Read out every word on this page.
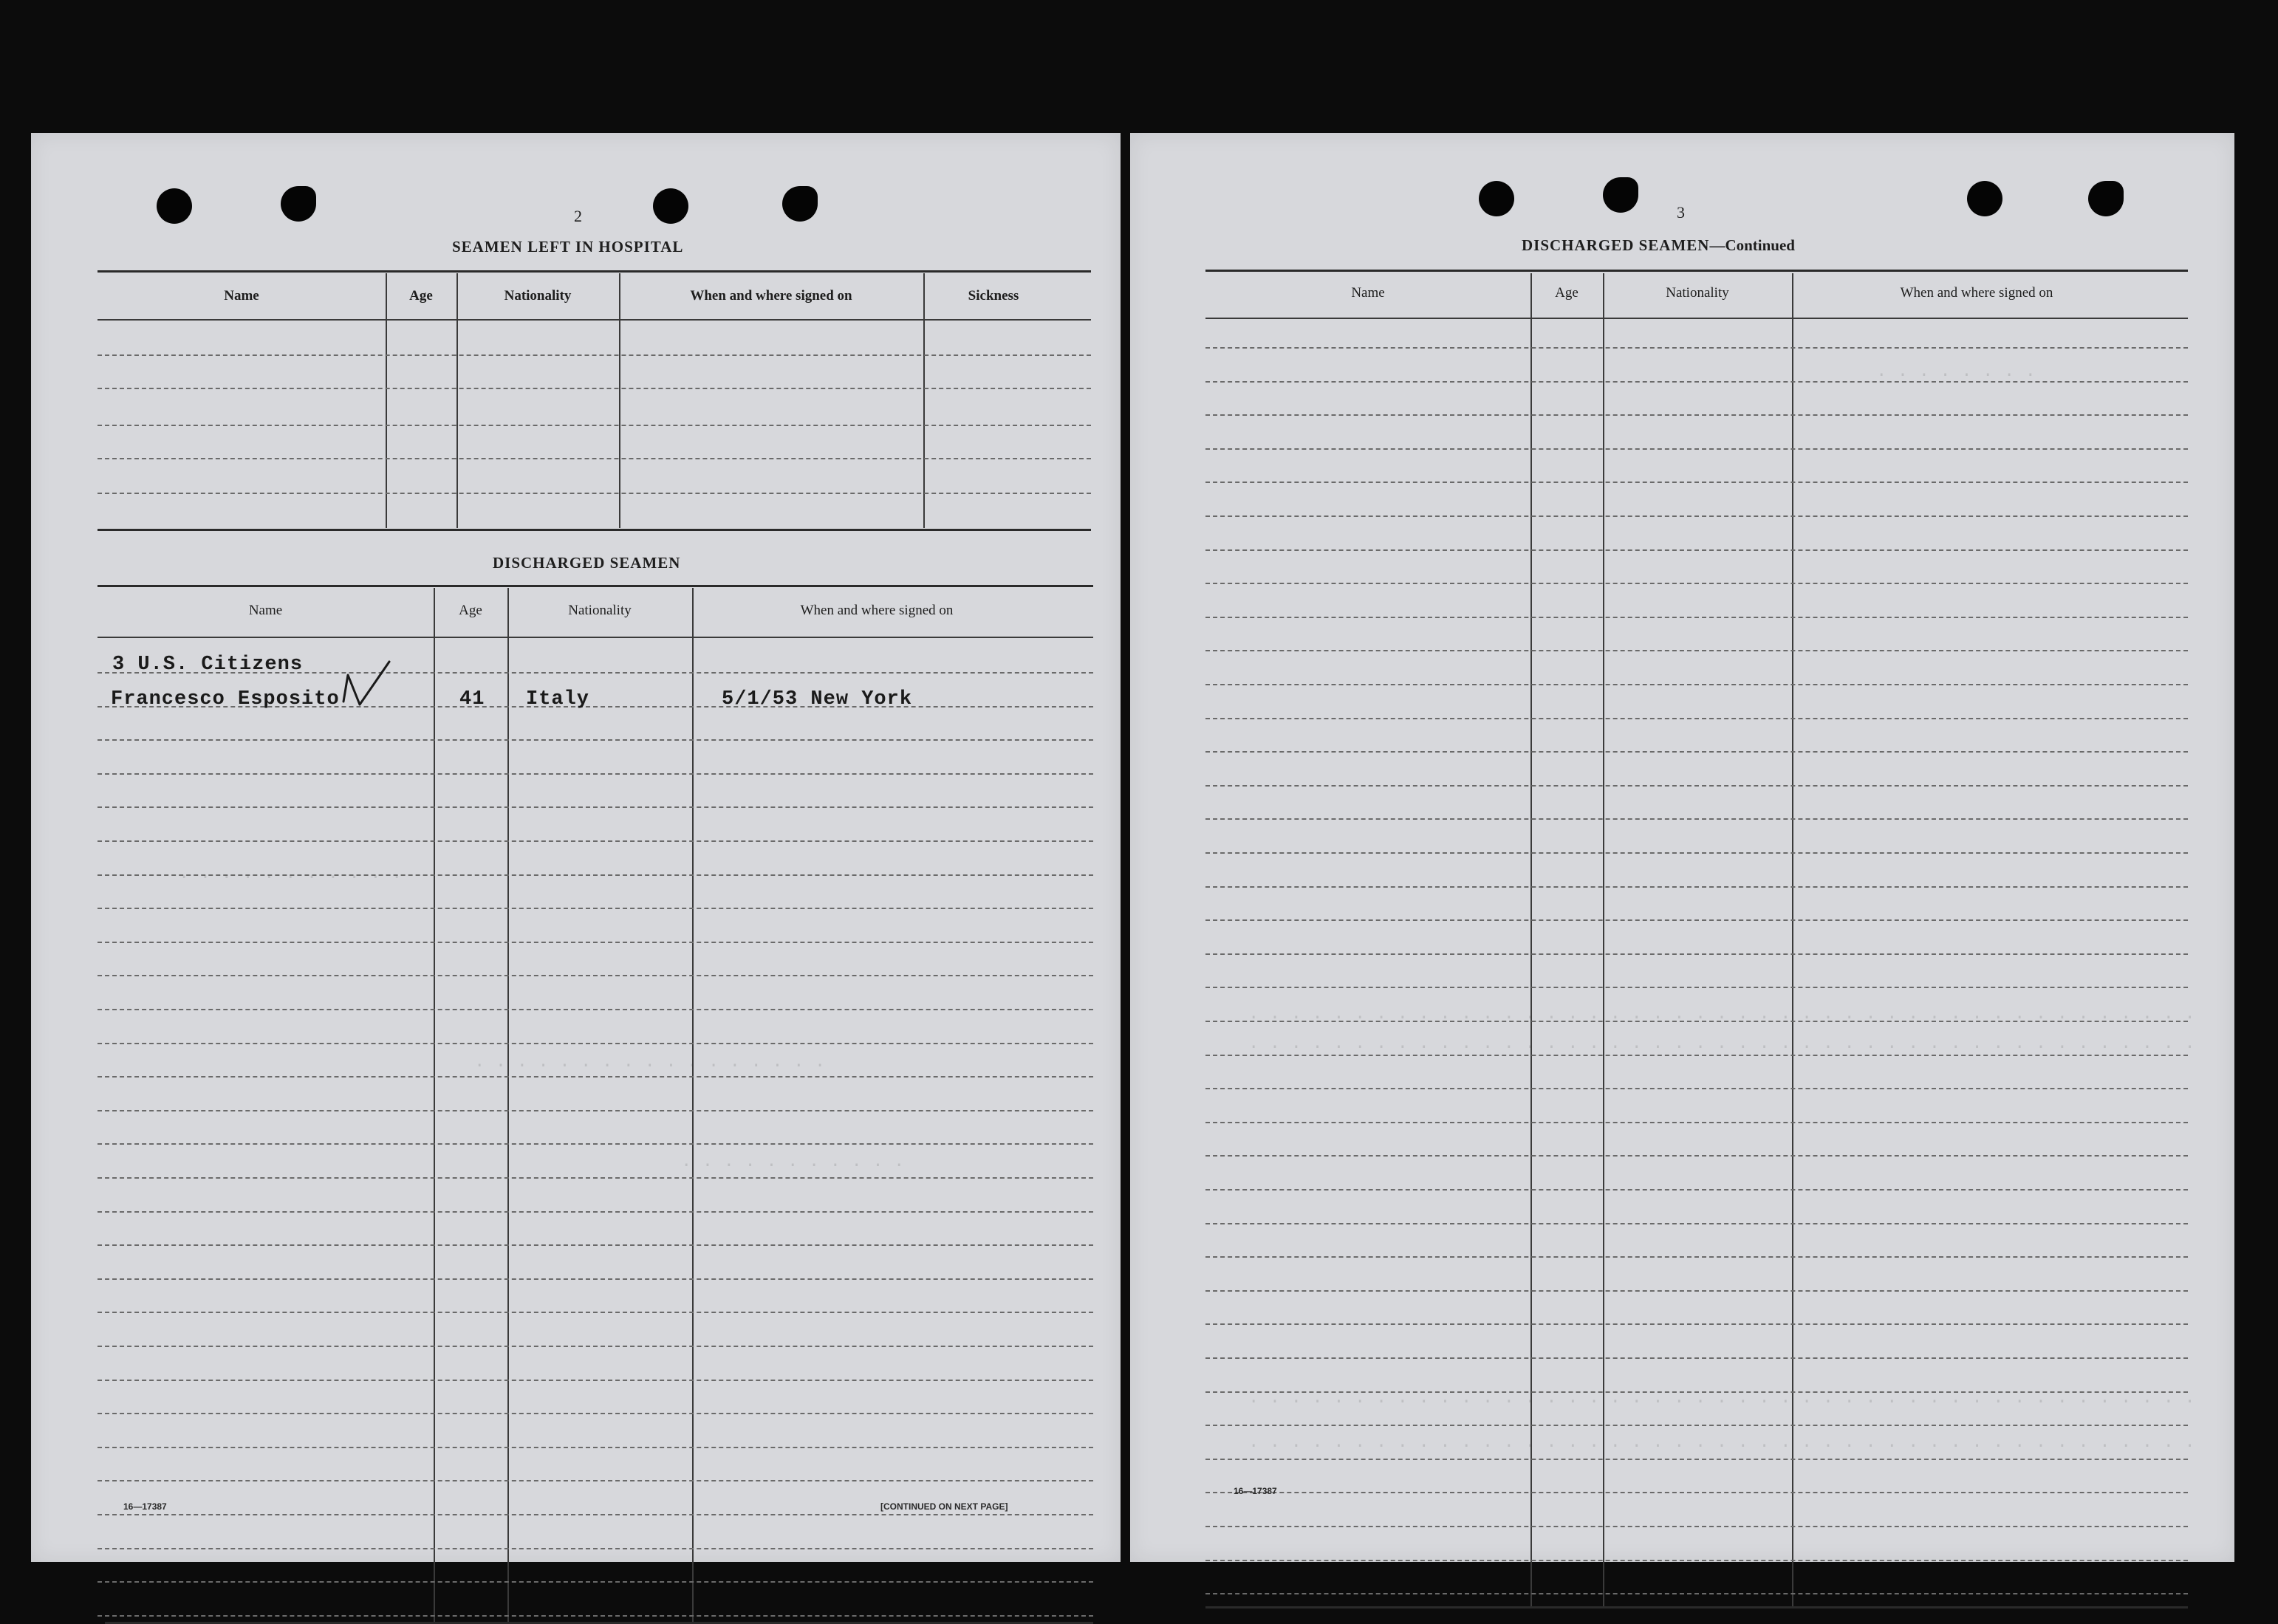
2
SEAMEN LEFT IN HOSPITAL
Name	Age	Nationality	When and where signed on	Sickness
DISCHARGED SEAMEN
Name	Age	Nationality	When and where signed on
3 U.S. Citizens
Francesco Esposito	41 Italy	5/1/53 New York
. . . . . . . . . . .
. . . . . . . . . . . . . . . . .
. . . . . . . . . . .
16—17387	[CONTINUED ON NEXT PAGE]
3
DISCHARGED SEAMEN—Continued
Name	Age	Nationality	When and where signed on
. . . . . . . .
. . . . . . . . . . . . . . . . . . . . . . . . . . . . . . . . . . . . . . . . . . . . .
. . . . . . . . . . . . . . . . . . . . . . . . . . . . . . . . . . . . . . . . . . . . .
. . . . . . . . . . . . . . . . . . . . . . . . . . . . . . . . . . . . . . . . . . . . .
. . . . . . . . . . . . . . . . . . . . . . . . . . . . . . . . . . . . . . . . . . . . .
16—17387
